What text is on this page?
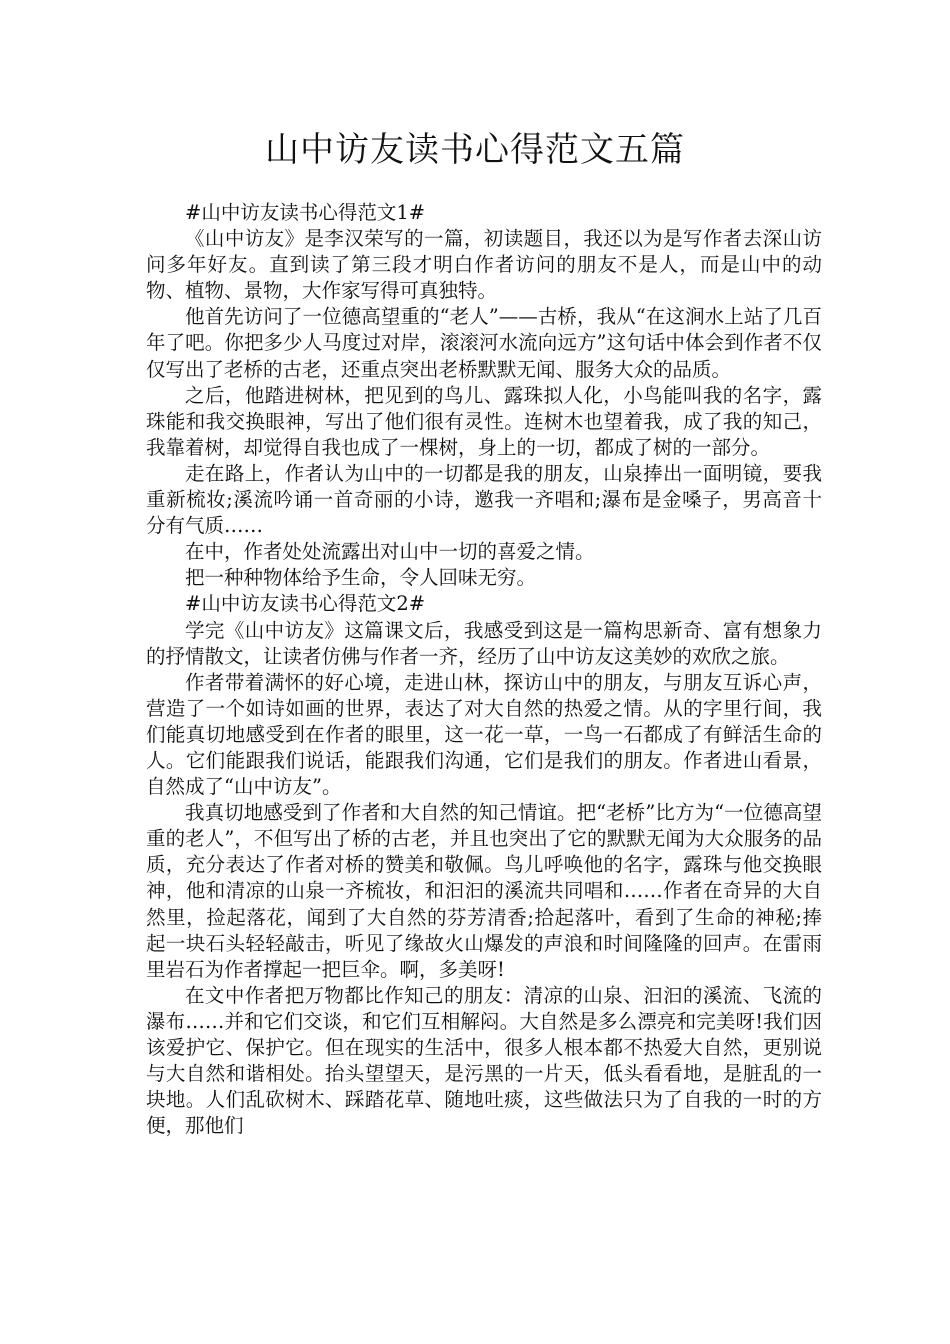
山中访友读书心得范文五篇

#山中访友读书心得范文1#

《山中访友》是李汉荣写的一篇，初读题目，我还以为是写作者去深山访问多年好友。直到读了第三段才明白作者访问的朋友不是人，而是山中的动物、植物、景物，大作家写得可真独特。

他首先访问了一位德高望重的“老人”——古桥，我从“在这涧水上站了几百年了吧。你把多少人马度过对岸，滚滚河水流向远方”这句话中体会到作者不仅仅写出了老桥的古老，还重点突出老桥默默无闻、服务大众的品质。

之后，他踏进树林，把见到的鸟儿、露珠拟人化，小鸟能叫我的名字，露珠能和我交换眼神，写出了他们很有灵性。连树木也望着我，成了我的知己，我靠着树，却觉得自我也成了一棵树，身上的一切，都成了树的一部分。

走在路上，作者认为山中的一切都是我的朋友，山泉捧出一面明镜，要我重新梳妆;溪流吟诵一首奇丽的小诗，邀我一齐唱和;瀑布是金嗓子，男高音十分有气质……

在中，作者处处流露出对山中一切的喜爱之情。

把一种种物体给予生命，令人回味无穷。

#山中访友读书心得范文2#

学完《山中访友》这篇课文后，我感受到这是一篇构思新奇、富有想象力的抒情散文，让读者仿佛与作者一齐，经历了山中访友这美妙的欢欣之旅。

作者带着满怀的好心境，走进山林，探访山中的朋友，与朋友互诉心声，营造了一个如诗如画的世界，表达了对大自然的热爱之情。从的字里行间，我们能真切地感受到在作者的眼里，这一花一草，一鸟一石都成了有鲜活生命的人。它们能跟我们说话，能跟我们沟通，它们是我们的朋友。作者进山看景，自然成了“山中访友”。

我真切地感受到了作者和大自然的知己情谊。把“老桥”比方为“一位德高望重的老人”，不但写出了桥的古老，并且也突出了它的默默无闻为大众服务的品质，充分表达了作者对桥的赞美和敬佩。鸟儿呼唤他的名字，露珠与他交换眼神，他和清凉的山泉一齐梳妆，和汩汩的溪流共同唱和……作者在奇异的大自然里，捡起落花，闻到了大自然的芬芳清香;拾起落叶，看到了生命的神秘;捧起一块石头轻轻敲击，听见了缘故火山爆发的声浪和时间隆隆的回声。在雷雨里岩石为作者撑起一把巨伞。啊，多美呀!

在文中作者把万物都比作知己的朋友：清凉的山泉、汩汩的溪流、飞流的瀑布……并和它们交谈，和它们互相解闷。大自然是多么漂亮和完美呀!我们因该爱护它、保护它。但在现实的生活中，很多人根本都不热爱大自然，更别说与大自然和谐相处。抬头望望天，是污黑的一片天，低头看看地，是脏乱的一块地。人们乱砍树木、踩踏花草、随地吐痰，这些做法只为了自我的一时的方便，那他们
